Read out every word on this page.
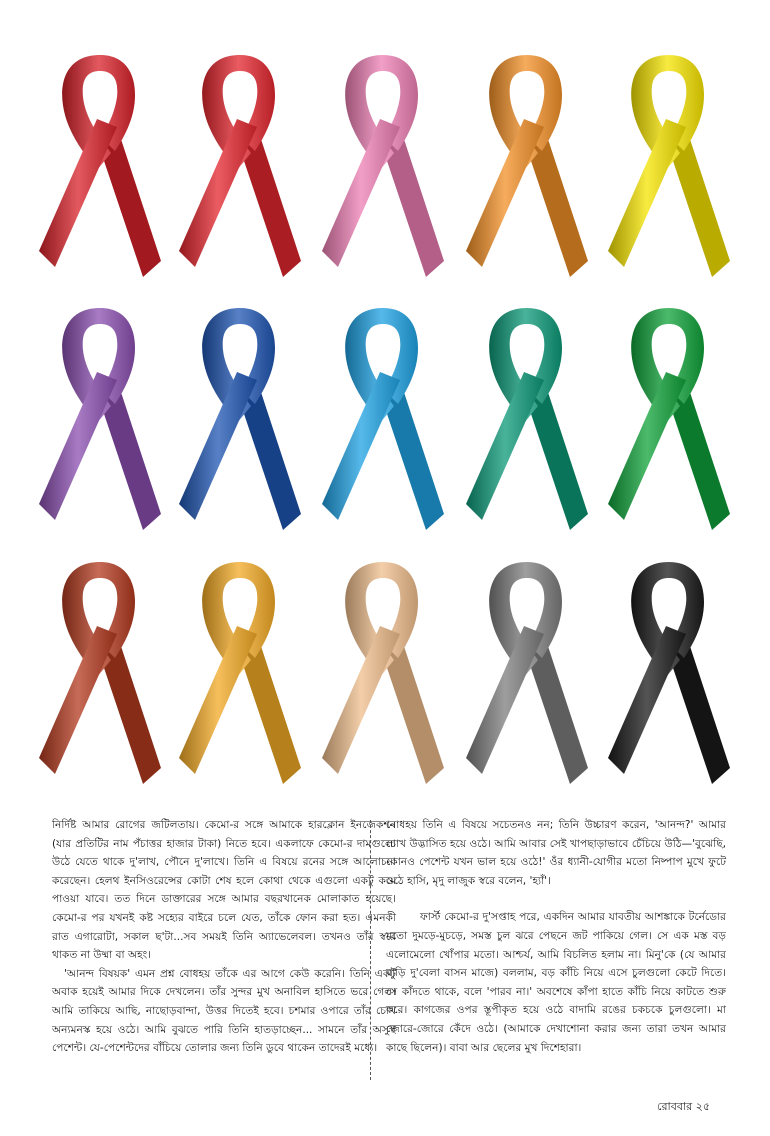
নির্দিষ্ট আমার রোগের জটিলতায়। কেমো-র সঙ্গে আমাকে হারক্লোন ইনজেকশন (যার প্রতিটির নাম পঁচাত্তর হাজার টাকা) নিতে হবে। একলাফে কেমো-র দামগুলো উঠে যেতে থাকে দু'লাখ, পৌনে দু'লাখে। তিনি এ বিষয়ে রনের সঙ্গে আলোচনা করেছেন। হেলথ ইনসিওরেন্সের কোটা শেষ হলে কোথা থেকে এগুলো একটু কমে পাওয়া যাবে। তত দিনে ডাক্তারের সঙ্গে আমার বছরখানেক মোলাকাত হয়েছে। কেমো-র পর যখনই কষ্ট সহ্যের বাইরে চলে যেত, তাঁকে ফোন করা হত। এমনকী রাত এগারোটা, সকাল ছ'টা...সব সময়ই তিনি অ্যাভেলেবল। তখনও তাঁর স্বরে থাকত না উষ্মা বা অহং।

'আনন্দ বিষয়ক' এমন প্রশ্ন বোধহয় তাঁকে এর আগে কেউ করেনি। তিনি একটু অবাক হয়েই আমার দিকে দেখলেন। তাঁর সুন্দর মুখ অনাবিল হাসিতে ভরে গেল। আমি তাকিয়ে আছি, নাছোড়বান্দা, উত্তর দিতেই হবে। চশমার ওপারে তাঁর চোখ অন্যমনস্ক হয়ে ওঠে। আমি বুঝতে পারি তিনি হাতড়াচ্ছেন... সামনে তাঁর অসুস্থ পেশেন্ট। যে-পেশেন্টদের বাঁচিয়ে তোলার জন্য তিনি ডুবে থাকেন তাদেরই মধ্যে।

বোধহয় তিনি এ বিষয়ে সচেতনও নন; তিনি উচ্চারণ করেন, 'আনন্দ?' আমার চোখ উদ্ভাসিত হয়ে ওঠে। আমি আবার সেই খাপছাড়াভাবে চেঁচিয়ে উঠি—'বুঝেছি, কোনও পেশেন্ট যখন ভাল হয়ে ওঠে!' ওঁর ধ্যানী-যোগীর মতো নিষ্পাপ মুখে ফুটে ওঠে হাসি, মৃদু লাজুক স্বরে বলেন, 'হ্যাঁ'।

ফার্স্ট কেমো-র দু'সপ্তাহ পরে, একদিন আমার যাবতীয় আশঙ্কাকে টর্নেডোর মতো দুমড়ে-মুচড়ে, সমস্ত চুল ঝরে পেছনে জট পাকিয়ে গেল। সে এক মস্ত বড় এলোমেলো খোঁপার মতো। আশ্চর্য, আমি বিচলিত হলাম না। মিনু'কে (যে আমার বাড়ি দু'বেলা বাসন মাজে) বললাম, বড় কাঁচি নিয়ে এসে চুলগুলো কেটে দিতে। সে কাঁদতে থাকে, বলে 'পারব না।' অবশেষে কাঁপা হাতে কাঁচি নিয়ে কাটতে শুরু করে। কাগজের ওপর স্তূপীকৃত হয়ে ওঠে বাদামি রঙের চকচকে চুলগুলো। মা জোরে-জোরে কেঁদে ওঠে। (আমাকে দেখাশোনা করার জন্য তারা তখন আমার কাছে ছিলেন)। বাবা আর ছেলের মুখ দিশেহারা।

রোববার ২৫
